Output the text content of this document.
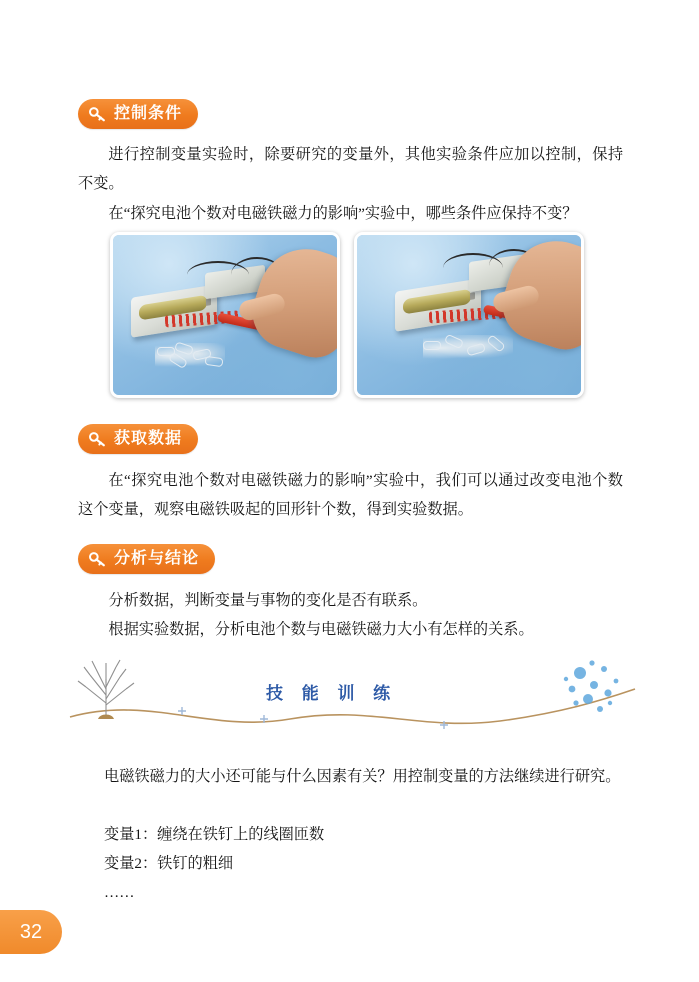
控制条件
进行控制变量实验时，除要研究的变量外，其他实验条件应加以控制，保持不变。
在“探究电池个数对电磁铁磁力的影响”实验中，哪些条件应保持不变？
获取数据
在“探究电池个数对电磁铁磁力的影响”实验中，我们可以通过改变电池个数这个变量，观察电磁铁吸起的回形针个数，得到实验数据。
分析与结论
分析数据，判断变量与事物的变化是否有联系。
根据实验数据，分析电池个数与电磁铁磁力大小有怎样的关系。
技 能 训 练
电磁铁磁力的大小还可能与什么因素有关？用控制变量的方法继续进行研究。
变量1：缠绕在铁钉上的线圈匝数
变量2：铁钉的粗细
……
32
